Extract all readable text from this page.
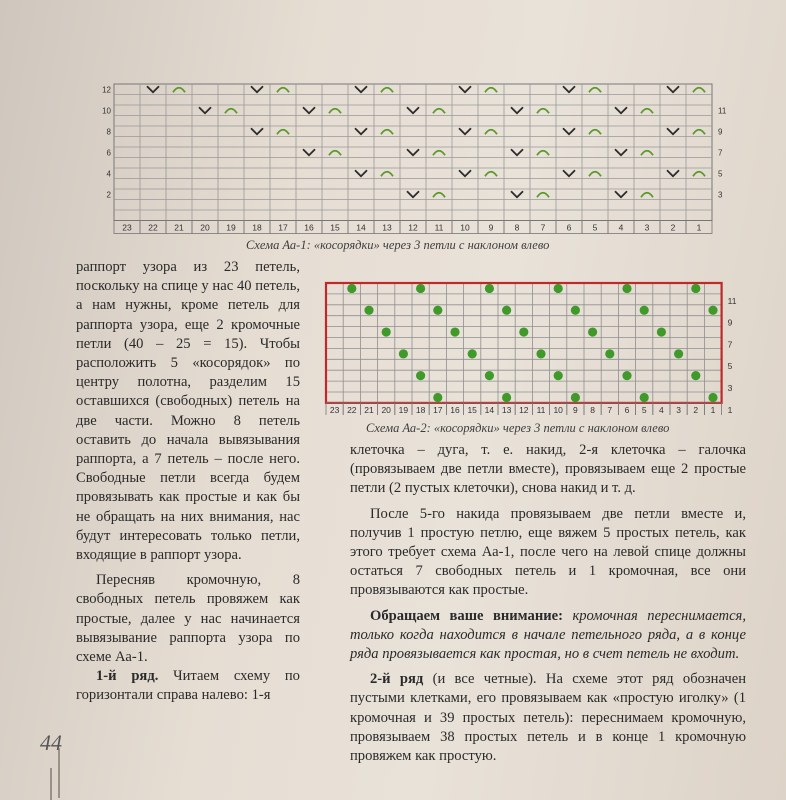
23 22 21 20 19 18 17 16 15 14 13 12 11 10 9	8	7	6	5	4	3	2	1
12
10
8
6
4
2
11
9
7
5
3
Схема Аа-1: «косорядки» через 3 петли с наклоном влево
23 22 21 20 19 18 17 16 15 14 13 12 11 10 9 8 7 6 5 4 3 2 1
11
9
7
5
3
1
Схема Аа-2: «косорядки» через 3 петли с наклоном влево

раппорт узора из 23 петель, поскольку на спице у нас 40 петель, а нам нужны, кроме петель для раппорта узора, еще 2 кромочные петли (40 – 25 = 15). Чтобы расположить 5 «косорядок» по центру полотна, разделим 15 оставшихся (свободных) петель на две части. Можно 8 петель оставить до начала вывязывания раппорта, а 7 петель – после него. Свободные петли всегда будем провязывать как простые и как бы не обращать на них внимания, нас будут интересовать только петли, входящие в раппорт узора.

Пересняв кромочную, 8 свободных петель провяжем как простые, далее у нас начинается вывязывание раппорта узора по схеме Аа-1.

1-й ряд. Читаем схему по горизонтали справа налево: 1-я

клеточка – дуга, т. е. накид, 2-я клеточка – галочка (провязываем две петли вместе), провязываем еще 2 простые петли (2 пустых клеточки), снова накид и т. д.

После 5-го накида провязываем две петли вместе и, получив 1 простую петлю, еще вяжем 5 простых петель, как этого требует схема Аа-1, после чего на левой спице должны остаться 7 свободных петель и 1 кромочная, все они провязываются как простые.

Обращаем ваше внимание: кромочная переснимается, только когда находится в начале петельного ряда, а в конце ряда провязывается как простая, но в счет петель не входит.

2-й ряд (и все четные). На схеме этот ряд обозначен пустыми клетками, его провязываем как «простую иголку» (1 кромочная и 39 простых петель): переснимаем кромочную, провязываем 38 простых петель и в конце 1 кромочную провяжем как простую.

44
